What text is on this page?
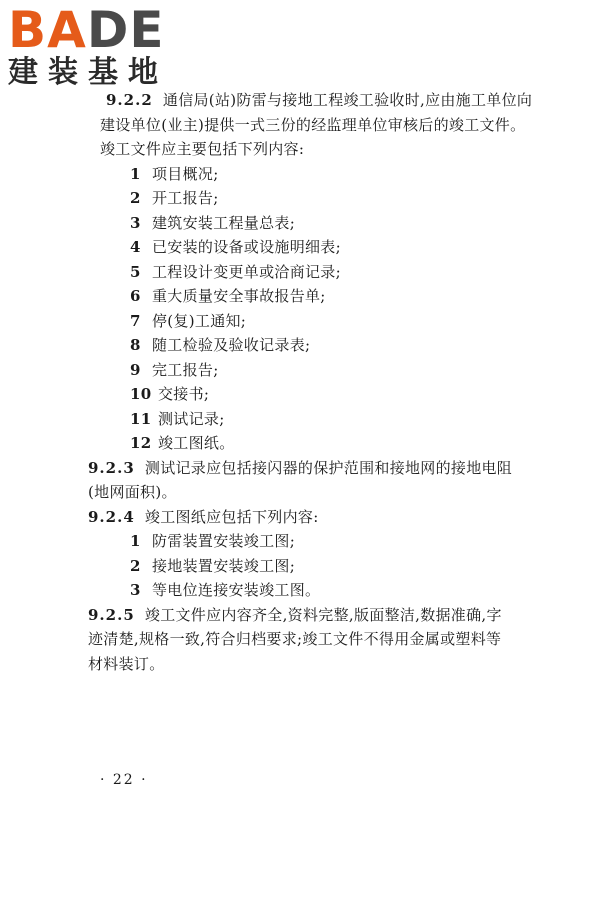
BADE
建装基地
9.2.2 通信局(站)防雷与接地工程竣工验收时,应由施工单位向
建设单位(业主)提供一式三份的经监理单位审核后的竣工文件。
竣工文件应主要包括下列内容:
1 项目概况;
2 开工报告;
3 建筑安装工程量总表;
4 已安装的设备或设施明细表;
5 工程设计变更单或洽商记录;
6 重大质量安全事故报告单;
7 停(复)工通知;
8 随工检验及验收记录表;
9 完工报告;
10 交接书;
11 测试记录;
12 竣工图纸。
9.2.3 测试记录应包括接闪器的保护范围和接地网的接地电阻
(地网面积)。
9.2.4 竣工图纸应包括下列内容:
1 防雷装置安装竣工图;
2 接地装置安装竣工图;
3 等电位连接安装竣工图。
9.2.5 竣工文件应内容齐全,资料完整,版面整洁,数据准确,字
迹清楚,规格一致,符合归档要求;竣工文件不得用金属或塑料等
材料装订。
· 22 ·
